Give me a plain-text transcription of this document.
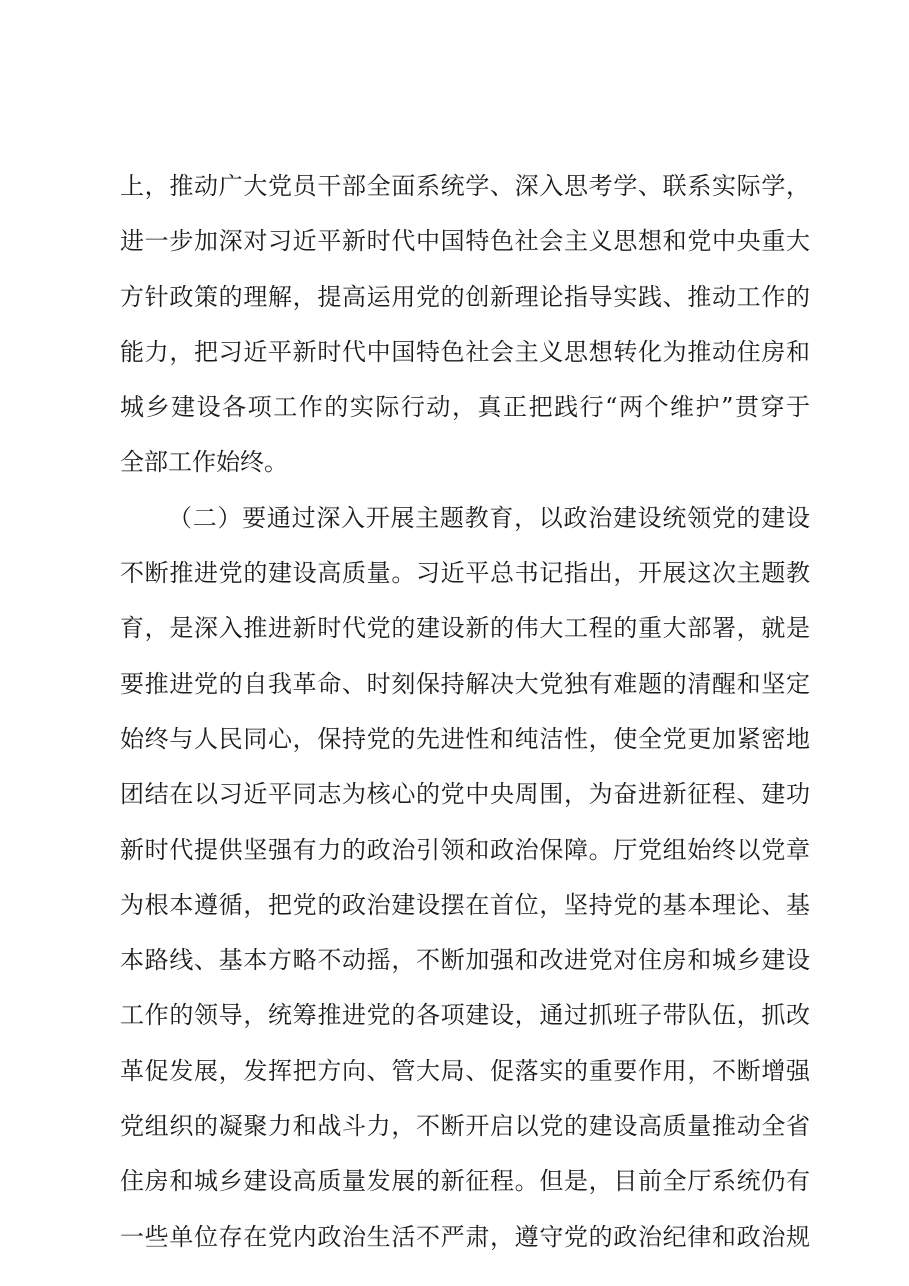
上，推动广大党员干部全面系统学、深入思考学、联系实际学，
进一步加深对习近平新时代中国特色社会主义思想和党中央重大
方针政策的理解，提高运用党的创新理论指导实践、推动工作的
能力，把习近平新时代中国特色社会主义思想转化为推动住房和
城乡建设各项工作的实际行动，真正把践行“两个维护”贯穿于
全部工作始终。
（二）要通过深入开展主题教育，以政治建设统领党的建设
不断推进党的建设高质量。习近平总书记指出，开展这次主题教
育，是深入推进新时代党的建设新的伟大工程的重大部署，就是
要推进党的自我革命、时刻保持解决大党独有难题的清醒和坚定
始终与人民同心，保持党的先进性和纯洁性，使全党更加紧密地
团结在以习近平同志为核心的党中央周围，为奋进新征程、建功
新时代提供坚强有力的政治引领和政治保障。厅党组始终以党章
为根本遵循，把党的政治建设摆在首位，坚持党的基本理论、基
本路线、基本方略不动摇，不断加强和改进党对住房和城乡建设
工作的领导，统筹推进党的各项建设，通过抓班子带队伍，抓改
革促发展，发挥把方向、管大局、促落实的重要作用，不断增强
党组织的凝聚力和战斗力，不断开启以党的建设高质量推动全省
住房和城乡建设高质量发展的新征程。但是，目前全厅系统仍有
一些单位存在党内政治生活不严肃，遵守党的政治纪律和政治规
